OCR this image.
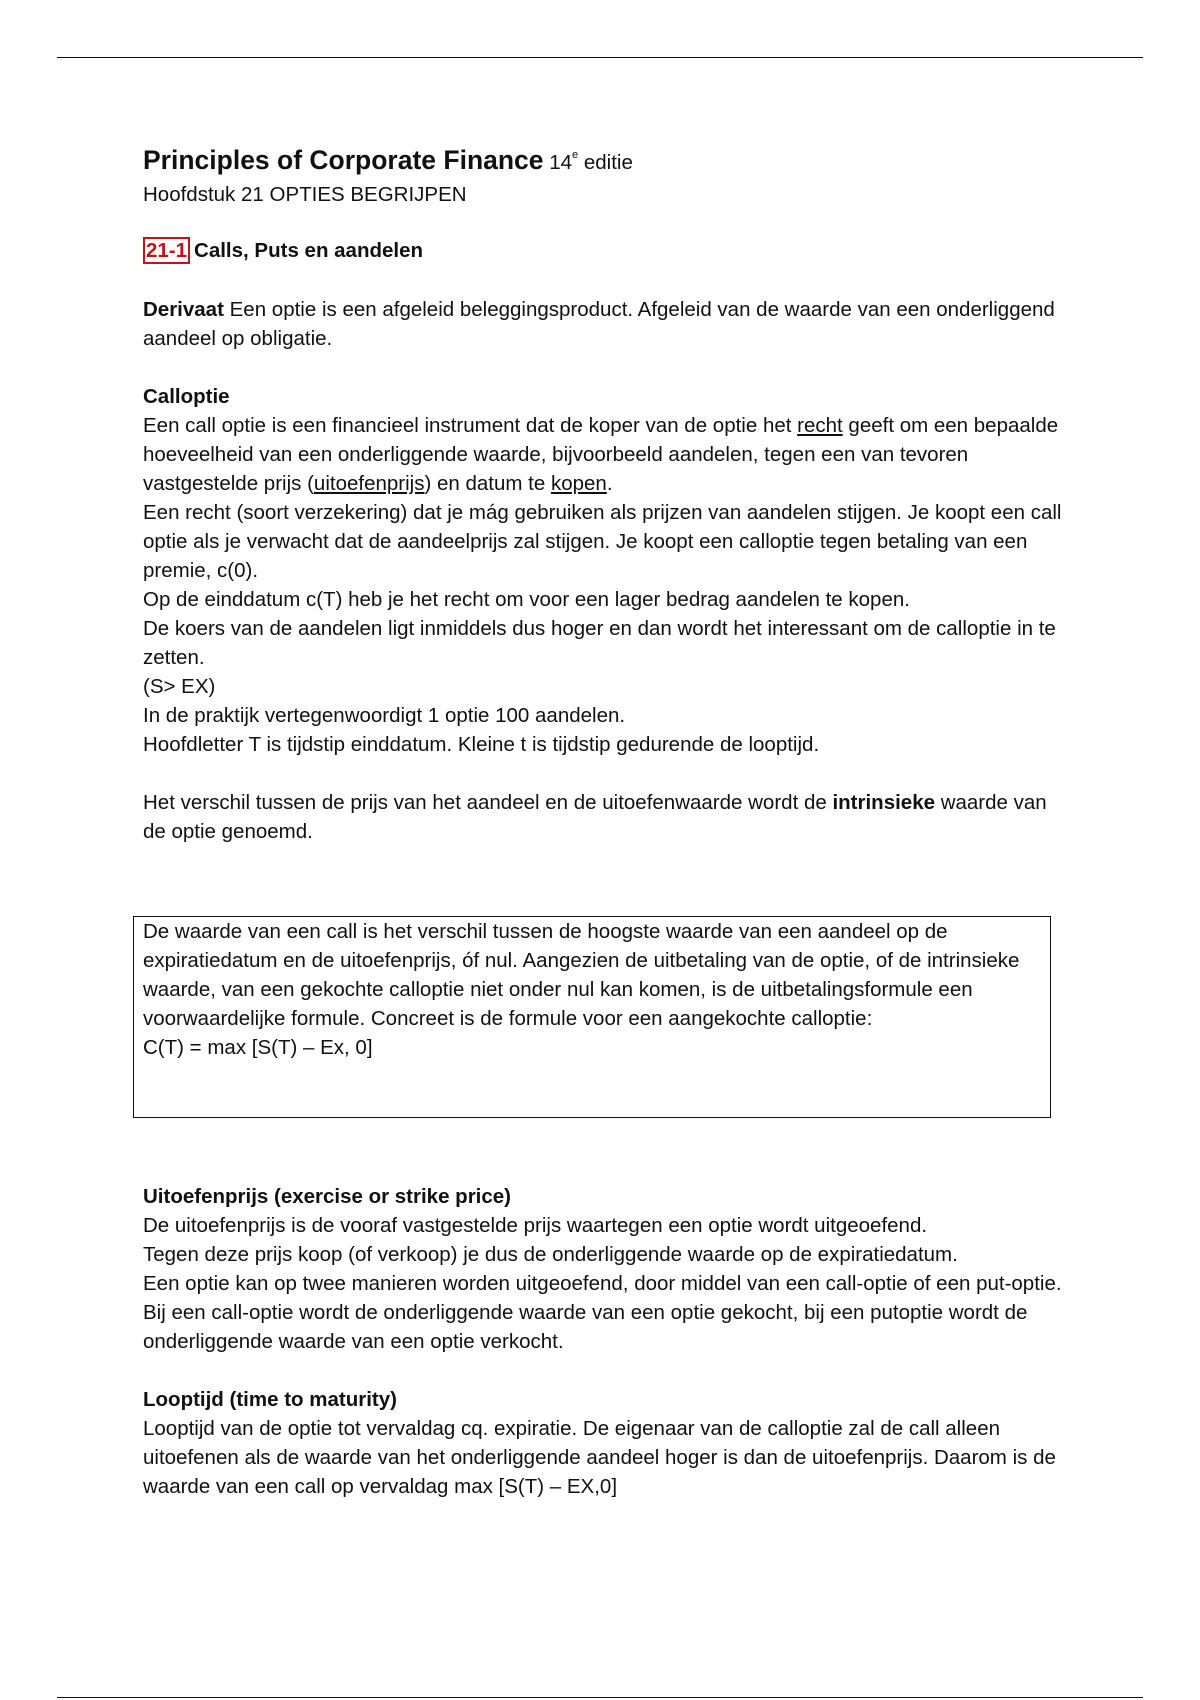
Principles of Corporate Finance 14e editie

Hoofdstuk 21 OPTIES BEGRIJPEN

21-1 Calls, Puts en aandelen

Derivaat Een optie is een afgeleid beleggingsproduct. Afgeleid van de waarde van een onderliggend aandeel op obligatie.

Calloptie

Een call optie is een financieel instrument dat de koper van de optie het recht geeft om een bepaalde hoeveelheid van een onderliggende waarde, bijvoorbeeld aandelen, tegen een van tevoren vastgestelde prijs (uitoefenprijs) en datum te kopen.

Een recht (soort verzekering) dat je mág gebruiken als prijzen van aandelen stijgen. Je koopt een call optie als je verwacht dat de aandeelprijs zal stijgen. Je koopt een calloptie tegen betaling van een premie, c(0).

Op de einddatum c(T) heb je het recht om voor een lager bedrag aandelen te kopen.

De koers van de aandelen ligt inmiddels dus hoger en dan wordt het interessant om de calloptie in te zetten.

(S> EX)

In de praktijk vertegenwoordigt 1 optie 100 aandelen.

Hoofdletter T is tijdstip einddatum. Kleine t is tijdstip gedurende de looptijd.

Het verschil tussen de prijs van het aandeel en de uitoefenwaarde wordt de intrinsieke waarde van de optie genoemd.

De waarde van een call is het verschil tussen de hoogste waarde van een aandeel op de expiratiedatum en de uitoefenprijs, óf nul. Aangezien de uitbetaling van de optie, of de intrinsieke waarde, van een gekochte calloptie niet onder nul kan komen, is de uitbetalingsformule een voorwaardelijke formule. Concreet is de formule voor een aangekochte calloptie:

C(T) = max [S(T) – Ex, 0]

Uitoefenprijs (exercise or strike price)

De uitoefenprijs is de vooraf vastgestelde prijs waartegen een optie wordt uitgeoefend.

Tegen deze prijs koop (of verkoop) je dus de onderliggende waarde op de expiratiedatum.

Een optie kan op twee manieren worden uitgeoefend, door middel van een call-optie of een put-optie. Bij een call-optie wordt de onderliggende waarde van een optie gekocht, bij een putoptie wordt de onderliggende waarde van een optie verkocht.

Looptijd (time to maturity)

Looptijd van de optie tot vervaldag cq. expiratie. De eigenaar van de calloptie zal de call alleen uitoefenen als de waarde van het onderliggende aandeel hoger is dan de uitoefenprijs. Daarom is de waarde van een call op vervaldag max [S(T) – EX,0]
